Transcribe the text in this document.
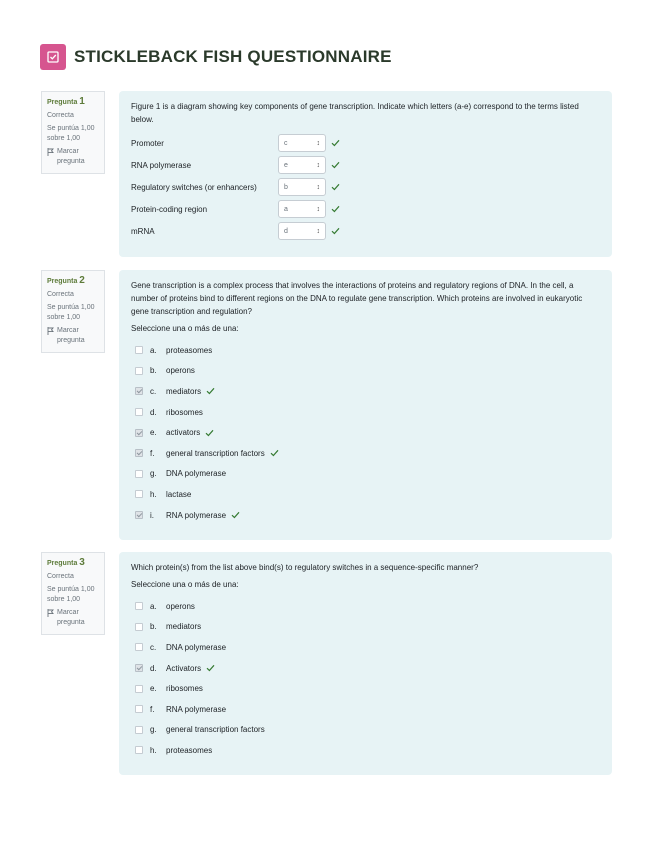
STICKLEBACK FISH QUESTIONNAIRE
Pregunta 1
Correcta
Se puntúa 1,00 sobre 1,00
Marcar pregunta
Figure 1 is a diagram showing key components of gene transcription. Indicate which letters (a-e) correspond to the terms listed below.
Promoter	c	↕
RNA polymerase	e	↕
Regulatory switches (or enhancers)	b	↕
Protein-coding region	a	↕
mRNA	d	↕
Pregunta 2
Correcta
Se puntúa 1,00 sobre 1,00
Marcar pregunta
Gene transcription is a complex process that involves the interactions of proteins and regulatory regions of DNA. In the cell, a number of proteins bind to different regions on the DNA to regulate gene transcription. Which proteins are involved in eukaryotic gene transcription and regulation?
Seleccione una o más de una:
a.	proteasomes
b.	operons
c.	mediators
d.	ribosomes
e.	activators
f.	general transcription factors
g.	DNA polymerase
h.	lactase
i.	RNA polymerase
Pregunta 3
Correcta
Se puntúa 1,00 sobre 1,00
Marcar pregunta
Which protein(s) from the list above bind(s) to regulatory switches in a sequence-specific manner?
Seleccione una o más de una:
a.	operons
b.	mediators
c.	DNA polymerase
d.	Activators
e.	ribosomes
f.	RNA polymerase
g.	general transcription factors
h.	proteasomes
